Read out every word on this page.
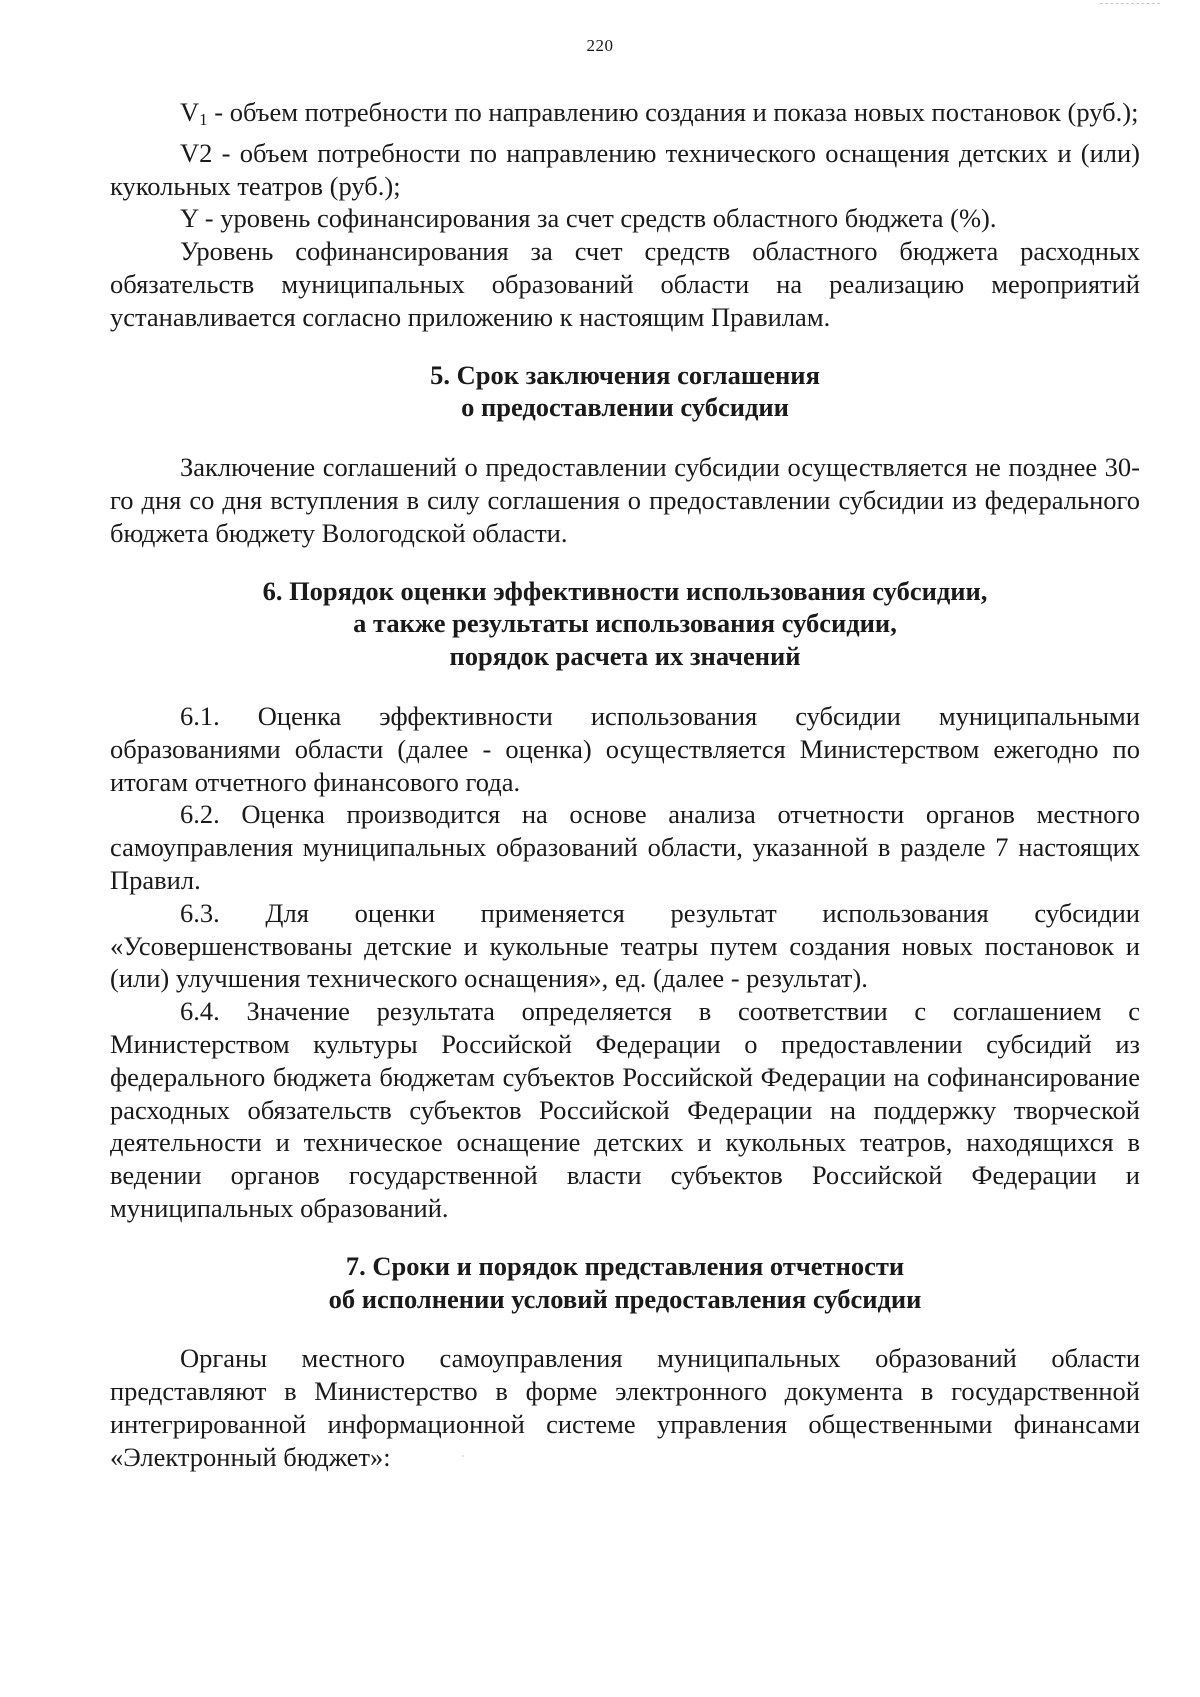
220

$V_1$ - объем потребности по направлению создания и показа новых постановок (руб.);

V2 - объем потребности по направлению технического оснащения детских и (или) кукольных театров (руб.);

Y - уровень софинансирования за счет средств областного бюджета (%).

Уровень софинансирования за счет средств областного бюджета расходных обязательств муниципальных образований области на реализацию мероприятий устанавливается согласно приложению к настоящим Правилам.

5. Срок заключения соглашения
о предоставлении субсидии

Заключение соглашений о предоставлении субсидии осуществляется не позднее 30-го дня со дня вступления в силу соглашения о предоставлении субсидии из федерального бюджета бюджету Вологодской области.

6. Порядок оценки эффективности использования субсидии,
а также результаты использования субсидии,
порядок расчета их значений

6.1. Оценка эффективности использования субсидии муниципальными образованиями области (далее - оценка) осуществляется Министерством ежегодно по итогам отчетного финансового года.

6.2. Оценка производится на основе анализа отчетности органов местного самоуправления муниципальных образований области, указанной в разделе 7 настоящих Правил.

6.3. Для оценки применяется результат использования субсидии «Усовершенствованы детские и кукольные театры путем создания новых постановок и (или) улучшения технического оснащения», ед. (далее - результат).

6.4. Значение результата определяется в соответствии с соглашением с Министерством культуры Российской Федерации о предоставлении субсидий из федерального бюджета бюджетам субъектов Российской Федерации на софинансирование расходных обязательств субъектов Российской Федерации на поддержку творческой деятельности и техническое оснащение детских и кукольных театров, находящихся в ведении органов государственной власти субъектов Российской Федерации и муниципальных образований.

7. Сроки и порядок представления отчетности
об исполнении условий предоставления субсидии

Органы местного самоуправления муниципальных образований области представляют в Министерство в форме электронного документа в государственной интегрированной информационной системе управления общественными финансами «Электронный бюджет»:
